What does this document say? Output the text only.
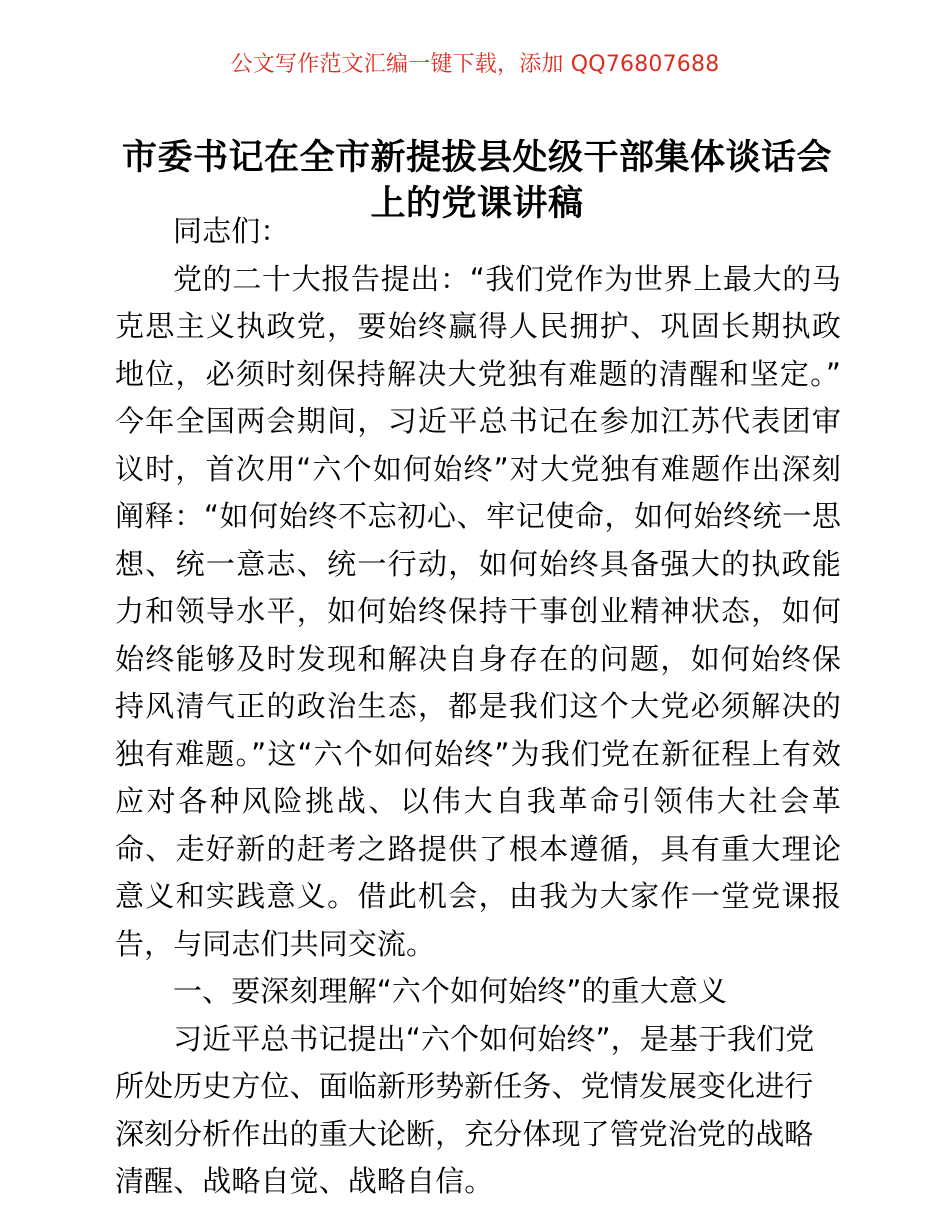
公文写作范文汇编一键下载，添加 QQ76807688
市委书记在全市新提拔县处级干部集体谈话会上的党课讲稿

同志们：

党的二十大报告提出：“我们党作为世界上最大的马克思主义执政党，要始终赢得人民拥护、巩固长期执政地位，必须时刻保持解决大党独有难题的清醒和坚定。”今年全国两会期间，习近平总书记在参加江苏代表团审议时，首次用“六个如何始终”对大党独有难题作出深刻阐释：“如何始终不忘初心、牢记使命，如何始终统一思想、统一意志、统一行动，如何始终具备强大的执政能力和领导水平，如何始终保持干事创业精神状态，如何始终能够及时发现和解决自身存在的问题，如何始终保持风清气正的政治生态，都是我们这个大党必须解决的独有难题。”这“六个如何始终”为我们党在新征程上有效应对各种风险挑战、以伟大自我革命引领伟大社会革命、走好新的赶考之路提供了根本遵循，具有重大理论意义和实践意义。借此机会，由我为大家作一堂党课报告，与同志们共同交流。

一、要深刻理解“六个如何始终”的重大意义

习近平总书记提出“六个如何始终”，是基于我们党所处历史方位、面临新形势新任务、党情发展变化进行深刻分析作出的重大论断，充分体现了管党治党的战略清醒、战略自觉、战略自信。
